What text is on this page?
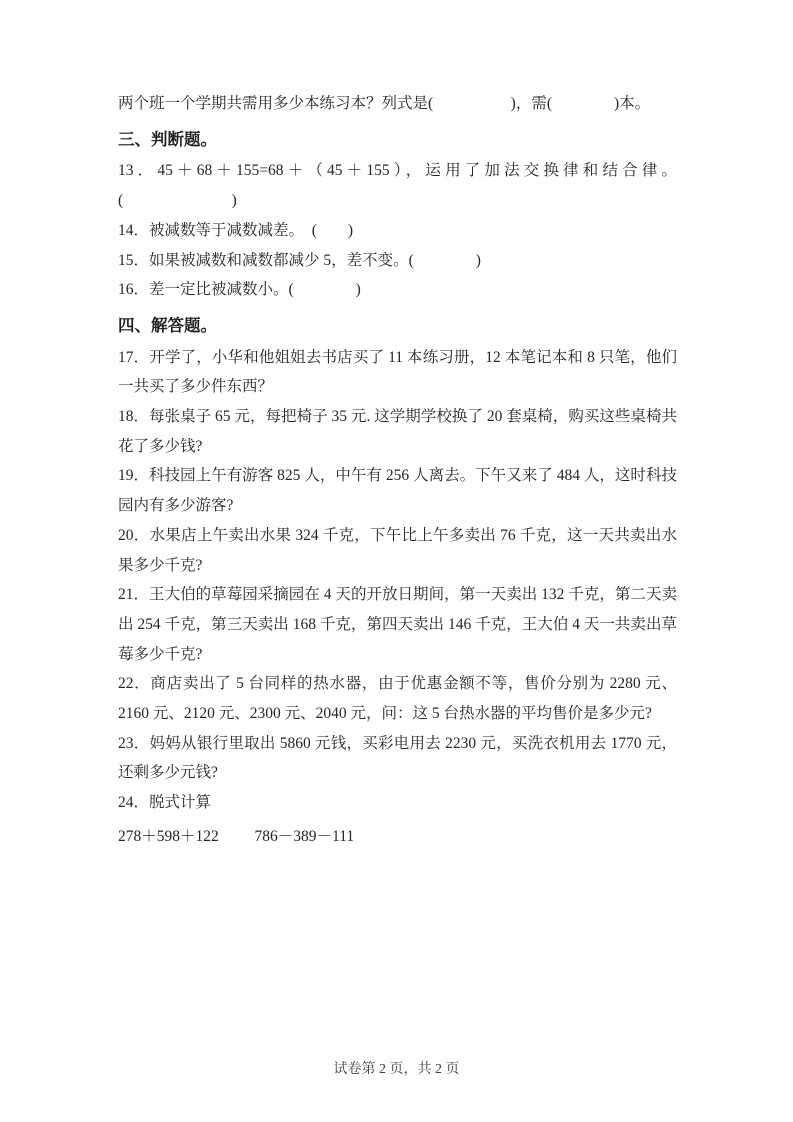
两个班一个学期共需用多少本练习本？列式是(　　　　　)，需(　　　　)本。

三、判断题。

13．45＋68＋155=68＋（45＋155），运用了加法交换律和结合律。(　　　　　　　)

14．被减数等于减数减差。　(　　)

15．如果被减数和减数都减少 5，差不变。(　　　　)

16．差一定比被减数小。(　　　　)

四、解答题。

17．开学了，小华和他姐姐去书店买了 11 本练习册，12 本笔记本和 8 只笔，他们一共买了多少件东西？

18．每张桌子 65 元，每把椅子 35 元. 这学期学校换了 20 套桌椅，购买这些桌椅共花了多少钱?

19．科技园上午有游客 825 人，中午有 256 人离去。下午又来了 484 人，这时科技园内有多少游客?

20．水果店上午卖出水果 324 千克，下午比上午多卖出 76 千克，这一天共卖出水果多少千克?

21．王大伯的草莓园采摘园在 4 天的开放日期间，第一天卖出 132 千克，第二天卖出 254 千克，第三天卖出 168 千克，第四天卖出 146 千克，王大伯 4 天一共卖出草莓多少千克?

22．商店卖出了 5 台同样的热水器，由于优惠金额不等，售价分别为 2280 元、2160 元、2120 元、2300 元、2040 元，问：这 5 台热水器的平均售价是多少元?

23．妈妈从银行里取出 5860 元钱，买彩电用去 2230 元，买洗衣机用去 1770 元，还剩多少元钱?

24．脱式计算

278＋598＋122 786－389－111

试卷第 2 页，共 2 页
